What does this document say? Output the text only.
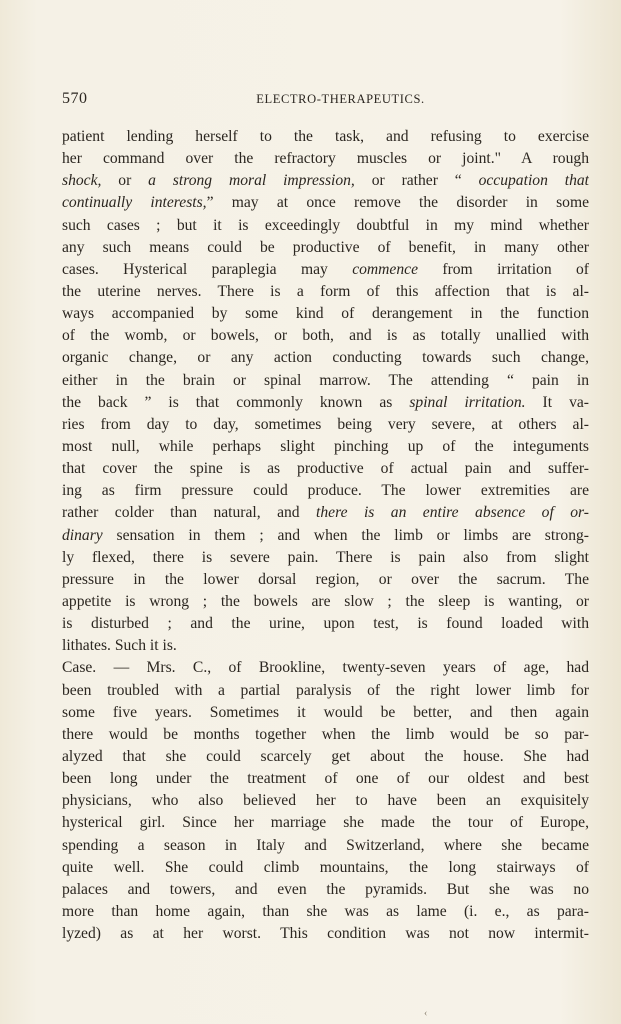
570	ELECTRO-THERAPEUTICS.
patient lending herself to the task, and refusing to exercise
her command over the refractory muscles or joint." A rough
shock, or a strong moral impression, or rather “ occupation that
continually interests,” may at once remove the disorder in some
such cases ; but it is exceedingly doubtful in my mind whether
any such means could be productive of benefit, in many other
cases. Hysterical paraplegia may commence from irritation of
the uterine nerves. There is a form of this affection that is al-
ways accompanied by some kind of derangement in the function
of the womb, or bowels, or both, and is as totally unallied with
organic change, or any action conducting towards such change,
either in the brain or spinal marrow. The attending “ pain in
the back ” is that commonly known as spinal irritation. It va-
ries from day to day, sometimes being very severe, at others al-
most null, while perhaps slight pinching up of the integuments
that cover the spine is as productive of actual pain and suffer-
ing as firm pressure could produce. The lower extremities are
rather colder than natural, and there is an entire absence of or-
dinary sensation in them ; and when the limb or limbs are strong-
ly flexed, there is severe pain. There is pain also from slight
pressure in the lower dorsal region, or over the sacrum. The
appetite is wrong ; the bowels are slow ; the sleep is wanting, or
is disturbed ; and the urine, upon test, is found loaded with
lithates. Such it is.
Case. — Mrs. C., of Brookline, twenty-seven years of age, had
been troubled with a partial paralysis of the right lower limb for
some five years. Sometimes it would be better, and then again
there would be months together when the limb would be so par-
alyzed that she could scarcely get about the house. She had
been long under the treatment of one of our oldest and best
physicians, who also believed her to have been an exquisitely
hysterical girl. Since her marriage she made the tour of Europe,
spending a season in Italy and Switzerland, where she became
quite well. She could climb mountains, the long stairways of
palaces and towers, and even the pyramids. But she was no
more than home again, than she was as lame (i. e., as para-
lyzed) as at her worst. This condition was not now intermit-
‹
